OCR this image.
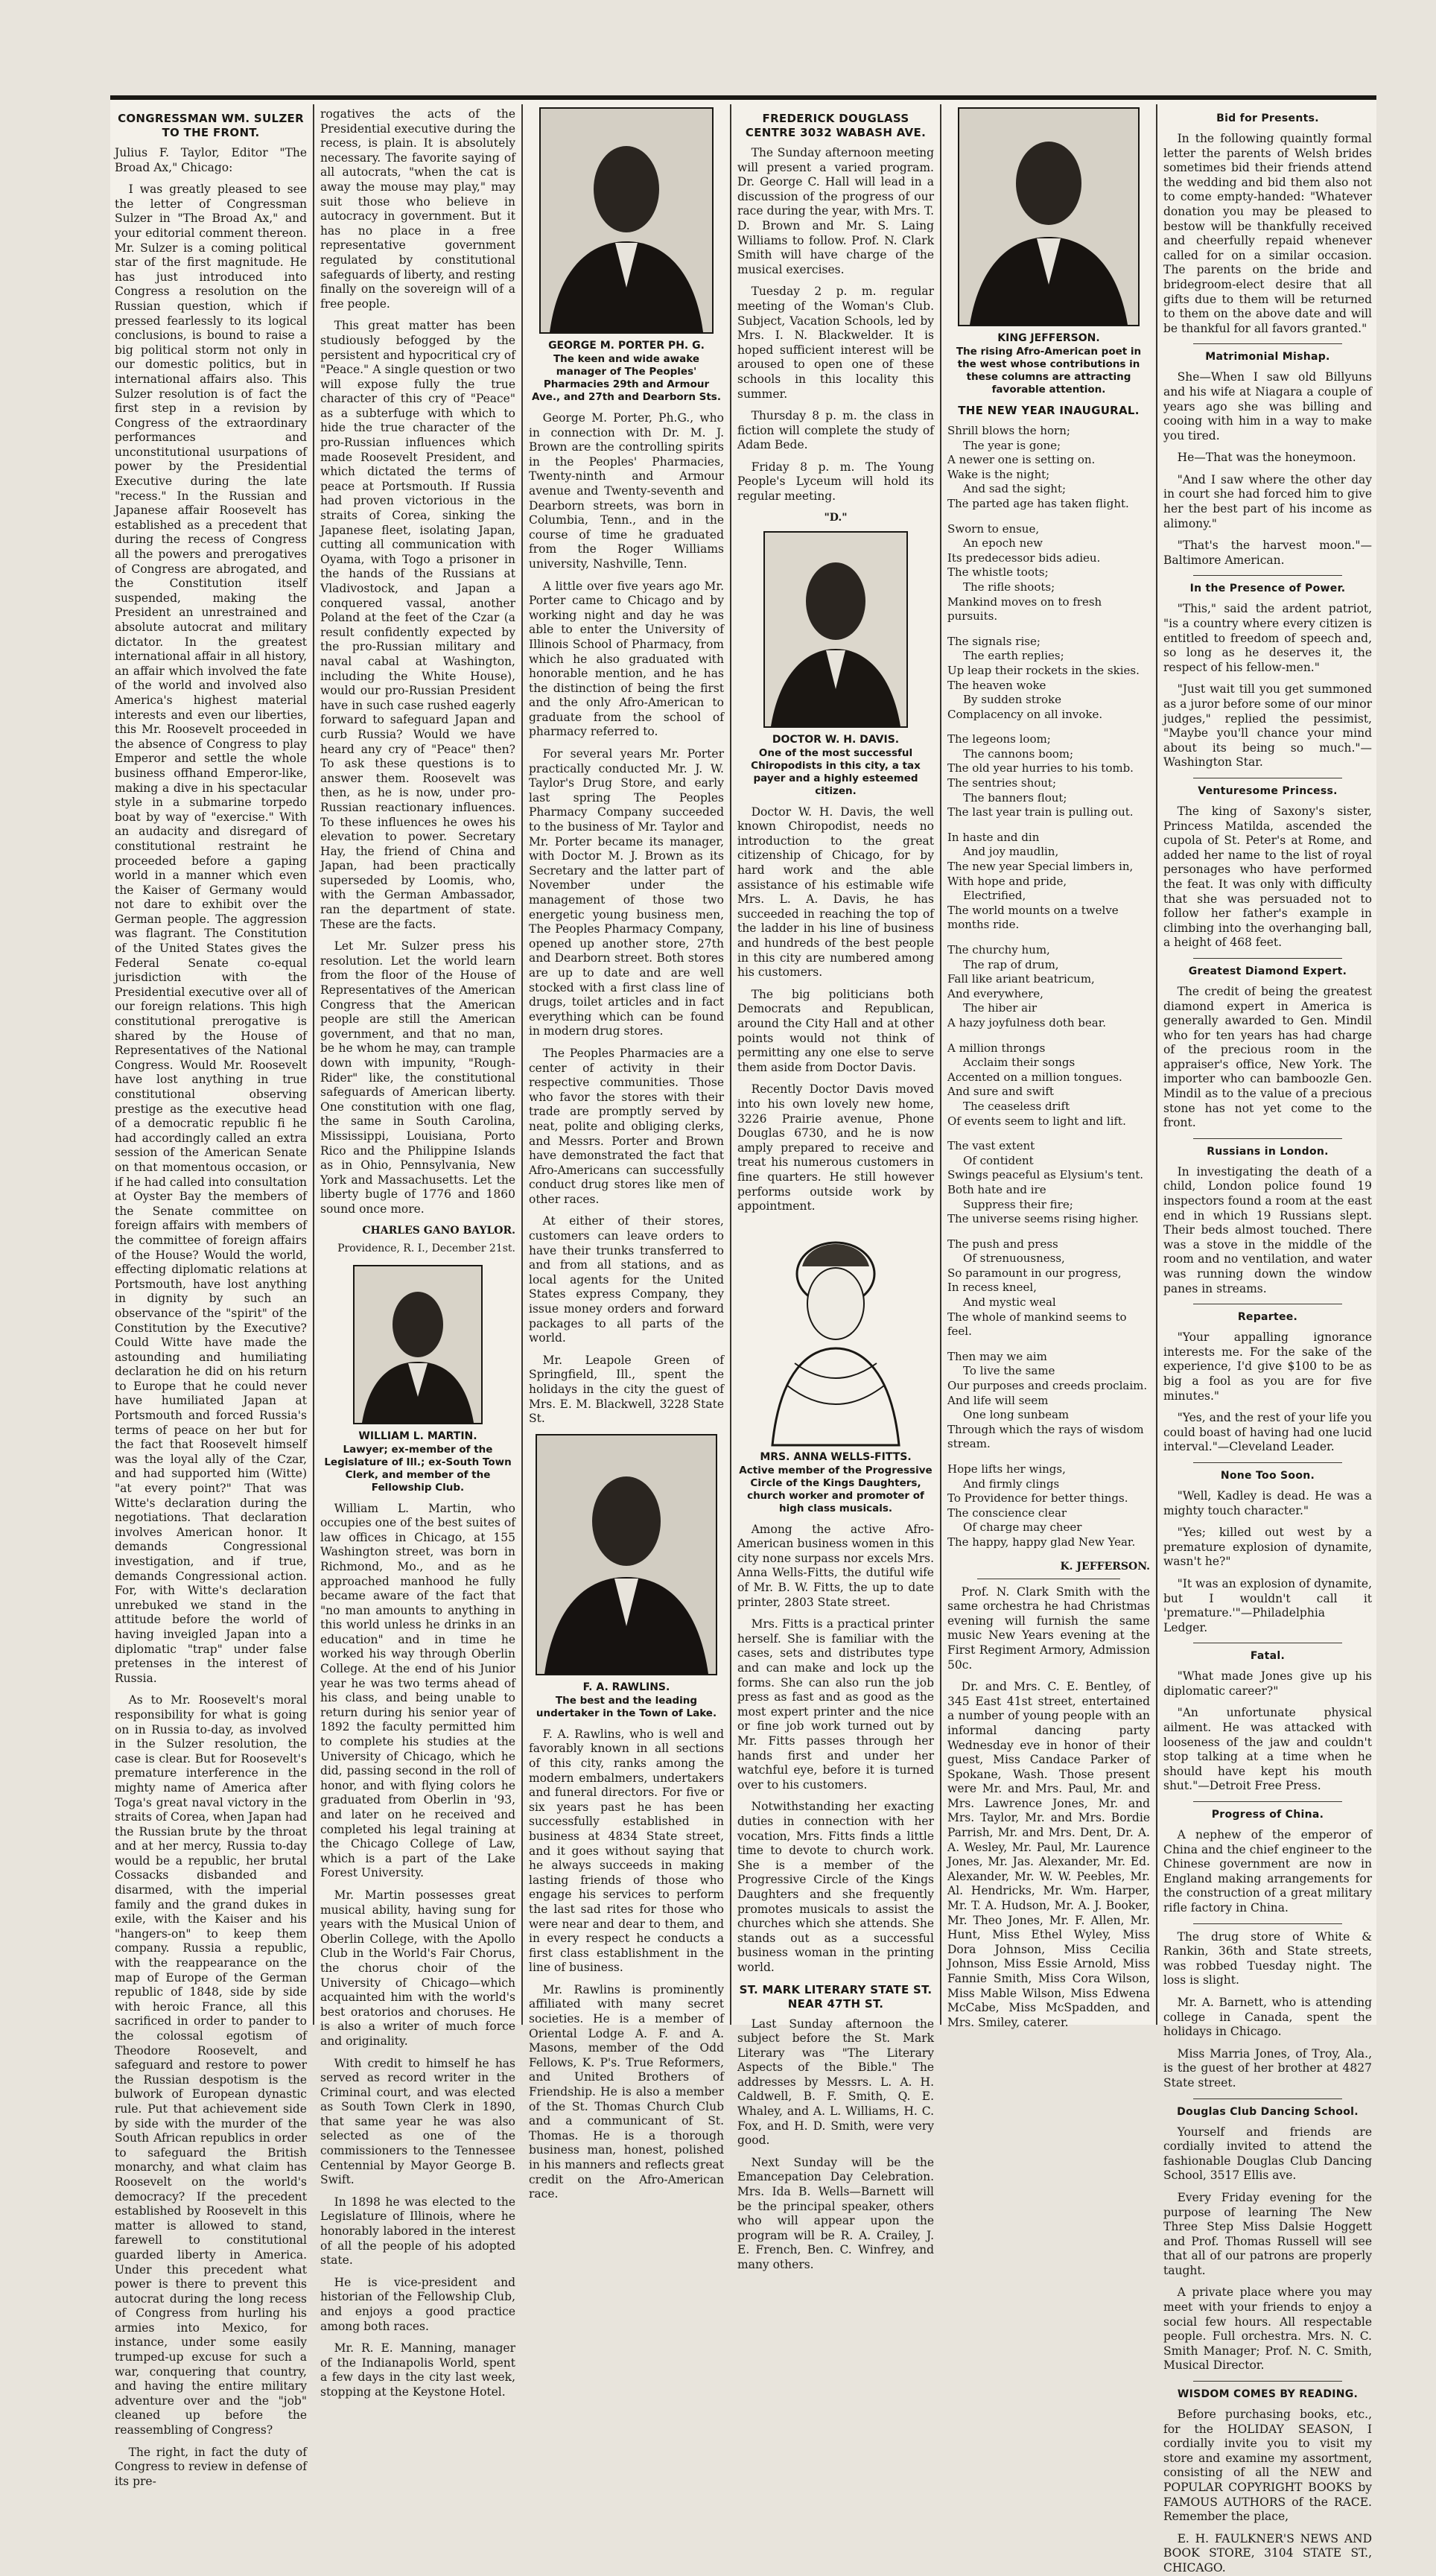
CONGRESSMAN WM. SULZER TO THE FRONT.

Julius F. Taylor, Editor "The Broad Ax," Chicago:

I was greatly pleased to see the letter of Congressman Sulzer in "The Broad Ax," and your editorial comment thereon. Mr. Sulzer is a coming political star of the first magnitude. He has just introduced into Congress a resolution on the Russian question, which if pressed fearlessly to its logical conclusions, is bound to raise a big political storm not only in our domestic politics, but in international affairs also. This Sulzer resolution is of fact the first step in a revision by Congress of the extraordinary performances and unconstitutional usurpations of power by the Presidential Executive during the late "recess." In the Russian and Japanese affair Roosevelt has established as a precedent that during the recess of Congress all the powers and prerogatives of Congress are abrogated, and the Constitution itself suspended, making the President an unrestrained and absolute autocrat and military dictator. In the greatest international affair in all history, an affair which involved the fate of the world and involved also America's highest material interests and even our liberties, this Mr. Roosevelt proceeded in the absence of Congress to play Emperor and settle the whole business offhand Emperor-like, making a dive in his spectacular style in a submarine torpedo boat by way of "exercise." With an audacity and disregard of constitutional restraint he proceeded before a gaping world in a manner which even the Kaiser of Germany would not dare to exhibit over the German people. The aggression was flagrant. The Constitution of the United States gives the Federal Senate co-equal jurisdiction with the Presidential executive over all of our foreign relations. This high constitutional prerogative is shared by the House of Representatives of the National Congress. Would Mr. Roosevelt have lost anything in true constitutional observing prestige as the executive head of a democratic republic fi he had accordingly called an extra session of the American Senate on that momentous occasion, or if he had called into consultation at Oyster Bay the members of the Senate committee on foreign affairs with members of the committee of foreign affairs of the House? Would the world, effecting diplomatic relations at Portsmouth, have lost anything in dignity by such an observance of the "spirit" of the Constitution by the Executive? Could Witte have made the astounding and humiliating declaration he did on his return to Europe that he could never have humiliated Japan at Portsmouth and forced Russia's terms of peace on her but for the fact that Roosevelt himself was the loyal ally of the Czar, and had supported him (Witte) "at every point?" That was Witte's declaration during the negotiations. That declaration involves American honor. It demands Congressional investigation, and if true, demands Congressional action. For, with Witte's declaration unrebuked we stand in the attitude before the world of having inveigled Japan into a diplomatic "trap" under false pretenses in the interest of Russia.

As to Mr. Roosevelt's moral responsibility for what is going on in Russia to-day, as involved in the Sulzer resolution, the case is clear. But for Roosevelt's premature interference in the mighty name of America after Toga's great naval victory in the straits of Corea, when Japan had the Russian brute by the throat and at her mercy, Russia to-day would be a republic, her brutal Cossacks disbanded and disarmed, with the imperial family and the grand dukes in exile, with the Kaiser and his "hangers-on" to keep them company. Russia a republic, with the reappearance on the map of Europe of the German republic of 1848, side by side with heroic France, all this sacrificed in order to pander to the colossal egotism of Theodore Roosevelt, and safeguard and restore to power the Russian despotism is the bulwork of European dynastic rule. Put that achievement side by side with the murder of the South African republics in order to safeguard the British monarchy, and what claim has Roosevelt on the world's democracy? If the precedent established by Roosevelt in this matter is allowed to stand, farewell to constitutional guarded liberty in America. Under this precedent what power is there to prevent this autocrat during the long recess of Congress from hurling his armies into Mexico, for instance, under some easily trumped-up excuse for such a war, conquering that country, and having the entire military adventure over and the "job" cleaned up before the reassembling of Congress?

The right, in fact the duty of Congress to review in defense of its pre-

rogatives the acts of the Presidential executive during the recess, is plain. It is absolutely necessary. The favorite saying of all autocrats, "when the cat is away the mouse may play," may suit those who believe in autocracy in government. But it has no place in a free representative government regulated by constitutional safeguards of liberty, and resting finally on the sovereign will of a free people.

This great matter has been studiously befogged by the persistent and hypocritical cry of "Peace." A single question or two will expose fully the true character of this cry of "Peace" as a subterfuge with which to hide the true character of the pro-Russian influences which made Roosevelt President, and which dictated the terms of peace at Portsmouth. If Russia had proven victorious in the straits of Corea, sinking the Japanese fleet, isolating Japan, cutting all communication with Oyama, with Togo a prisoner in the hands of the Russians at Vladivostock, and Japan a conquered vassal, another Poland at the feet of the Czar (a result confidently expected by the pro-Russian military and naval cabal at Washington, including the White House), would our pro-Russian President have in such case rushed eagerly forward to safeguard Japan and curb Russia? Would we have heard any cry of "Peace" then? To ask these questions is to answer them. Roosevelt was then, as he is now, under pro-Russian reactionary influences. To these influences he owes his elevation to power. Secretary Hay, the friend of China and Japan, had been practically superseded by Loomis, who, with the German Ambassador, ran the department of state. These are the facts.

Let Mr. Sulzer press his resolution. Let the world learn from the floor of the House of Representatives of the American Congress that the American people are still the American government, and that no man, be he whom he may, can trample down with impunity, "Rough-Rider" like, the constitutional safeguards of American liberty. One constitution with one flag, the same in South Carolina, Mississippi, Louisiana, Porto Rico and the Philippine Islands as in Ohio, Pennsylvania, New York and Massachusetts. Let the liberty bugle of 1776 and 1860 sound once more.

CHARLES GANO BAYLOR.
Providence, R. I., December 21st.
WILLIAM L. MARTIN.
Lawyer; ex-member of the Legislature of Ill.; ex-South Town Clerk, and member of the Fellowship Club.

William L. Martin, who occupies one of the best suites of law offices in Chicago, at 155 Washington street, was born in Richmond, Mo., and as he approached manhood he fully became aware of the fact that "no man amounts to anything in this world unless he drinks in an education" and in time he worked his way through Oberlin College. At the end of his Junior year he was two terms ahead of his class, and being unable to return during his senior year of 1892 the faculty permitted him to complete his studies at the University of Chicago, which he did, passing second in the roll of honor, and with flying colors he graduated from Oberlin in '93, and later on he received and completed his legal training at the Chicago College of Law, which is a part of the Lake Forest University.

Mr. Martin possesses great musical ability, having sung for years with the Musical Union of Oberlin College, with the Apollo Club in the World's Fair Chorus, the chorus choir of the University of Chicago—which acquainted him with the world's best oratorios and choruses. He is also a writer of much force and originality.

With credit to himself he has served as record writer in the Criminal court, and was elected as South Town Clerk in 1890, that same year he was also selected as one of the commissioners to the Tennessee Centennial by Mayor George B. Swift.

In 1898 he was elected to the Legislature of Illinois, where he honorably labored in the interest of all the people of his adopted state.

He is vice-president and historian of the Fellowship Club, and enjoys a good practice among both races.

Mr. R. E. Manning, manager of the Indianapolis World, spent a few days in the city last week, stopping at the Keystone Hotel.

GEORGE M. PORTER PH. G.
The keen and wide awake manager of The Peoples' Pharmacies 29th and Armour Ave., and 27th and Dearborn Sts.

George M. Porter, Ph.G., who in connection with Dr. M. J. Brown are the controlling spirits in the Peoples' Pharmacies, Twenty-ninth and Armour avenue and Twenty-seventh and Dearborn streets, was born in Columbia, Tenn., and in the course of time he graduated from the Roger Williams university, Nashville, Tenn.

A little over five years ago Mr. Porter came to Chicago and by working night and day he was able to enter the University of Illinois School of Pharmacy, from which he also graduated with honorable mention, and he has the distinction of being the first and the only Afro-American to graduate from the school of pharmacy referred to.

For several years Mr. Porter practically conducted Mr. J. W. Taylor's Drug Store, and early last spring The Peoples Pharmacy Company succeeded to the business of Mr. Taylor and Mr. Porter became its manager, with Doctor M. J. Brown as its Secretary and the latter part of November under the management of those two energetic young business men, The Peoples Pharmacy Company, opened up another store, 27th and Dearborn street. Both stores are up to date and are well stocked with a first class line of drugs, toilet articles and in fact everything which can be found in modern drug stores.

The Peoples Pharmacies are a center of activity in their respective communities. Those who favor the stores with their trade are promptly served by neat, polite and obliging clerks, and Messrs. Porter and Brown have demonstrated the fact that Afro-Americans can successfully conduct drug stores like men of other races.

At either of their stores, customers can leave orders to have their trunks transferred to and from all stations, and as local agents for the United States express Company, they issue money orders and forward packages to all parts of the world.

Mr. Leapole Green of Springfield, Ill., spent the holidays in the city the guest of Mrs. E. M. Blackwell, 3228 State St.

F. A. RAWLINS.
The best and the leading undertaker in the Town of Lake.

F. A. Rawlins, who is well and favorably known in all sections of this city, ranks among the modern embalmers, undertakers and funeral directors. For five or six years past he has been successfully established in business at 4834 State street, and it goes without saying that he always succeeds in making lasting friends of those who engage his services to perform the last sad rites for those who were near and dear to them, and in every respect he conducts a first class establishment in the line of business.

Mr. Rawlins is prominently affiliated with many secret societies. He is a member of Oriental Lodge A. F. and A. Masons, member of the Odd Fellows, K. P's. True Reformers, and United Brothers of Friendship. He is also a member of the St. Thomas Church Club and a communicant of St. Thomas. He is a thorough business man, honest, polished in his manners and reflects great credit on the Afro-American race.

FREDERICK DOUGLASS CENTRE 3032 WABASH AVE.

The Sunday afternoon meeting will present a varied program. Dr. George C. Hall will lead in a discussion of the progress of our race during the year, with Mrs. T. D. Brown and Mr. S. Laing Williams to follow. Prof. N. Clark Smith will have charge of the musical exercises.

Tuesday 2 p. m. regular meeting of the Woman's Club. Subject, Vacation Schools, led by Mrs. I. N. Blackwelder. It is hoped sufficient interest will be aroused to open one of these schools in this locality this summer.

Thursday 8 p. m. the class in fiction will complete the study of Adam Bede.

Friday 8 p. m. The Young People's Lyceum will hold its regular meeting.

"D."
DOCTOR W. H. DAVIS.
One of the most successful Chiropodists in this city, a tax payer and a highly esteemed citizen.

Doctor W. H. Davis, the well known Chiropodist, needs no introduction to the great citizenship of Chicago, for by hard work and the able assistance of his estimable wife Mrs. L. A. Davis, he has succeeded in reaching the top of the ladder in his line of business and hundreds of the best people in this city are numbered among his customers.

The big politicians both Democrats and Republican, around the City Hall and at other points would not think of permitting any one else to serve them aside from Doctor Davis.

Recently Doctor Davis moved into his own lovely new home, 3226 Prairie avenue, Phone Douglas 6730, and he is now amply prepared to receive and treat his numerous customers in fine quarters. He still however performs outside work by appointment.

MRS. ANNA WELLS-FITTS.
Active member of the Progressive Circle of the Kings Daughters, church worker and promoter of high class musicals.

Among the active Afro-American business women in this city none surpass nor excels Mrs. Anna Wells-Fitts, the dutiful wife of Mr. B. W. Fitts, the up to date printer, 2803 State street.

Mrs. Fitts is a practical printer herself. She is familiar with the cases, sets and distributes type and can make and lock up the forms. She can also run the job press as fast and as good as the most expert printer and the nice or fine job work turned out by Mr. Fitts passes through her hands first and under her watchful eye, before it is turned over to his customers.

Notwithstanding her exacting duties in connection with her vocation, Mrs. Fitts finds a little time to devote to church work. She is a member of the Progressive Circle of the Kings Daughters and she frequently promotes musicals to assist the churches which she attends. She stands out as a successful business woman in the printing world.

ST. MARK LITERARY STATE ST. NEAR 47TH ST.

Last Sunday afternoon the subject before the St. Mark Literary was "The Literary Aspects of the Bible." The addresses by Messrs. L. A. H. Caldwell, B. F. Smith, Q. E. Whaley, and A. L. Williams, H. C. Fox, and H. D. Smith, were very good.

Next Sunday will be the Emancepation Day Celebration. Mrs. Ida B. Wells—Barnett will be the principal speaker, others who will appear upon the program will be R. A. Crailey, J. E. French, Ben. C. Winfrey, and many others.

KING JEFFERSON.
The rising Afro-American poet in the west whose contributions in these columns are attracting favorable attention.
THE NEW YEAR INAUGURAL.

Shrill blows the horn;

The year is gone;

A newer one is setting on.

Wake is the night;

And sad the sight;

The parted age has taken flight.

Sworn to ensue,

An epoch new

Its predecessor bids adieu.

The whistle toots;

The rifle shoots;

Mankind moves on to fresh pursuits.

The signals rise;

The earth replies;

Up leap their rockets in the skies.

The heaven woke

By sudden stroke

Complacency on all invoke.

The legeons loom;

The cannons boom;

The old year hurries to his tomb.

The sentries shout;

The banners flout;

The last year train is pulling out.

In haste and din

And joy maudlin,

The new year Special limbers in,

With hope and pride,

Electrified,

The world mounts on a twelve months ride.

The churchy hum,

The rap of drum,

Fall like ariant beatricum,

And everywhere,

The hiber air

A hazy joyfulness doth bear.

A million throngs

Acclaim their songs

Accented on a million tongues.

And sure and swift

The ceaseless drift

Of events seem to light and lift.

The vast extent

Of contident

Swings peaceful as Elysium's tent.

Both hate and ire

Suppress their fire;

The universe seems rising higher.

The push and press

Of strenuousness,

So paramount in our progress,

In recess kneel,

And mystic weal

The whole of mankind seems to feel.

Then may we aim

To live the same

Our purposes and creeds proclaim.

And life will seem

One long sunbeam

Through which the rays of wisdom stream.

Hope lifts her wings,

And firmly clings

To Providence for better things.

The conscience clear

Of charge may cheer

The happy, happy glad New Year.

K. JEFFERSON.

Prof. N. Clark Smith with the same orchestra he had Christmas evening will furnish the same music New Years evening at the First Regiment Armory, Admission 50c.

Dr. and Mrs. C. E. Bentley, of 345 East 41st street, entertained a number of young people with an informal dancing party Wednesday eve in honor of their guest, Miss Candace Parker of Spokane, Wash. Those present were Mr. and Mrs. Paul, Mr. and Mrs. Lawrence Jones, Mr. and Mrs. Taylor, Mr. and Mrs. Bordie Parrish, Mr. and Mrs. Dent, Dr. A. A. Wesley, Mr. Paul, Mr. Laurence Jones, Mr. Jas. Alexander, Mr. Ed. Alexander, Mr. W. W. Peebles, Mr. Al. Hendricks, Mr. Wm. Harper, Mr. T. A. Hudson, Mr. A. J. Booker, Mr. Theo Jones, Mr. F. Allen, Mr. Hunt, Miss Ethel Wyley, Miss Dora Johnson, Miss Cecilia Johnson, Miss Essie Arnold, Miss Fannie Smith, Miss Cora Wilson, Miss Mable Wilson, Miss Edwena McCabe, Miss McSpadden, and Mrs. Smiley, caterer.

Bid for Presents.

In the following quaintly formal letter the parents of Welsh brides sometimes bid their friends attend the wedding and bid them also not to come empty-handed: "Whatever donation you may be pleased to bestow will be thankfully received and cheerfully repaid whenever called for on a similar occasion. The parents on the bride and bridegroom-elect desire that all gifts due to them will be returned to them on the above date and will be thankful for all favors granted."

Matrimonial Mishap.

She—When I saw old Billyuns and his wife at Niagara a couple of years ago she was billing and cooing with him in a way to make you tired.

He—That was the honeymoon.

"And I saw where the other day in court she had forced him to give her the best part of his income as alimony."

"That's the harvest moon."—Baltimore American.

In the Presence of Power.

"This," said the ardent patriot, "is a country where every citizen is entitled to freedom of speech and, so long as he deserves it, the respect of his fellow-men."

"Just wait till you get summoned as a juror before some of our minor judges," replied the pessimist, "Maybe you'll chance your mind about its being so much."—Washington Star.

Venturesome Princess.

The king of Saxony's sister, Princess Matilda, ascended the cupola of St. Peter's at Rome, and added her name to the list of royal personages who have performed the feat. It was only with difficulty that she was persuaded not to follow her father's example in climbing into the overhanging ball, a height of 468 feet.

Greatest Diamond Expert.

The credit of being the greatest diamond expert in America is generally awarded to Gen. Mindil who for ten years has had charge of the precious room in the appraiser's office, New York. The importer who can bamboozle Gen. Mindil as to the value of a precious stone has not yet come to the front.

Russians in London.

In investigating the death of a child, London police found 19 inspectors found a room at the east end in which 19 Russians slept. Their beds almost touched. There was a stove in the middle of the room and no ventilation, and water was running down the window panes in streams.

Repartee.

"Your appalling ignorance interests me. For the sake of the experience, I'd give $100 to be as big a fool as you are for five minutes."

"Yes, and the rest of your life you could boast of having had one lucid interval."—Cleveland Leader.

None Too Soon.

"Well, Kadley is dead. He was a mighty touch character."

"Yes; killed out west by a premature explosion of dynamite, wasn't he?"

"It was an explosion of dynamite, but I wouldn't call it 'premature.'"—Philadelphia Ledger.

Fatal.

"What made Jones give up his diplomatic career?"

"An unfortunate physical ailment. He was attacked with looseness of the jaw and couldn't stop talking at a time when he should have kept his mouth shut."—Detroit Free Press.

Progress of China.

A nephew of the emperor of China and the chief engineer to the Chinese government are now in England making arrangements for the construction of a great military rifle factory in China.

The drug store of White & Rankin, 36th and State streets, was robbed Tuesday night. The loss is slight.

Mr. A. Barnett, who is attending college in Canada, spent the holidays in Chicago.

Miss Marria Jones, of Troy, Ala., is the guest of her brother at 4827 State street.

Douglas Club Dancing School.

Yourself and friends are cordially invited to attend the fashionable Douglas Club Dancing School, 3517 Ellis ave.

Every Friday evening for the purpose of learning The New Three Step Miss Dalsie Hoggett and Prof. Thomas Russell will see that all of our patrons are properly taught.

A private place where you may meet with your friends to enjoy a social few hours. All respectable people. Full orchestra. Mrs. N. C. Smith Manager; Prof. N. C. Smith, Musical Director.

WISDOM COMES BY READING.

Before purchasing books, etc., for the HOLIDAY SEASON, I cordially invite you to visit my store and examine my assortment, consisting of all the NEW and POPULAR COPYRIGHT BOOKS by FAMOUS AUTHORS of the RACE. Remember the place,

E. H. FAULKNER'S NEWS AND BOOK STORE, 3104 STATE ST., CHICAGO.
